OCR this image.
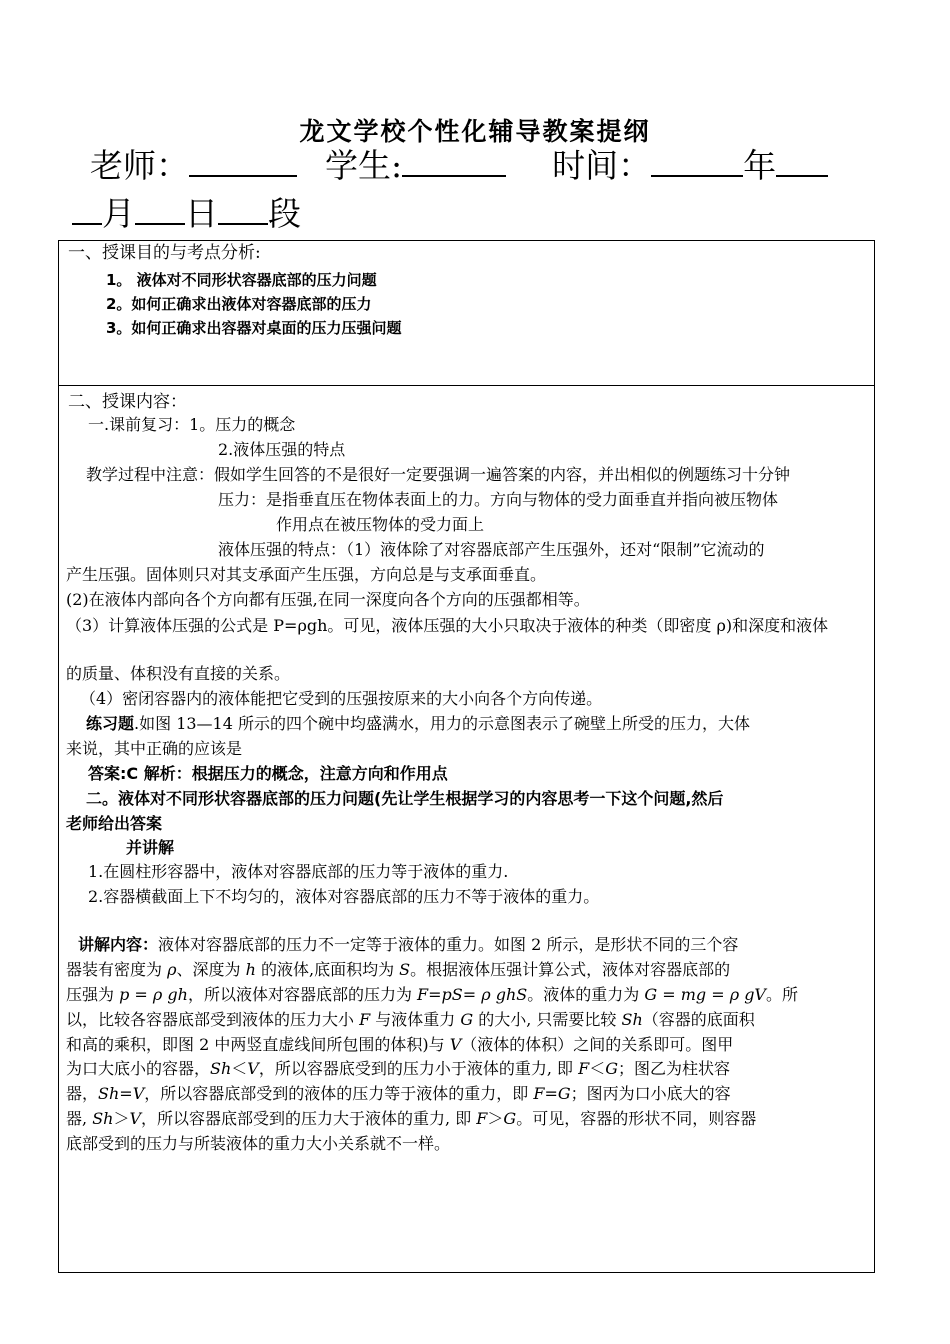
龙文学校个性化辅导教案提纲
老师：	学生:	时间：	年
月 日 段
一、授课目的与考点分析:
1。 液体对不同形状容器底部的压力问题
2。如何正确求出液体对容器底部的压力
3。如何正确求出容器对桌面的压力压强问题
二、授课内容：
一.课前复习：1。压力的概念
2.液体压强的特点
教学过程中注意：假如学生回答的不是很好一定要强调一遍答案的内容，并出相似的例题练习十分钟
压力：是指垂直压在物体表面上的力。方向与物体的受力面垂直并指向被压物体
作用点在被压物体的受力面上
液体压强的特点：（1）液体除了对容器底部产生压强外，还对“限制”它流动的
产生压强。固体则只对其支承面产生压强，方向总是与支承面垂直。
(2)在液体内部向各个方向都有压强,在同一深度向各个方向的压强都相等。
（3）计算液体压强的公式是 P=ρgh。可见，液体压强的大小只取决于液体的种类（即密度 ρ)和深度和液体
的质量、体积没有直接的关系。
（4）密闭容器内的液体能把它受到的压强按原来的大小向各个方向传递。
练习题.如图 13—14 所示的四个碗中均盛满水，用力的示意图表示了碗壁上所受的压力，大体
来说，其中正确的应该是
答案:C 解析：根据压力的概念，注意方向和作用点
二。液体对不同形状容器底部的压力问题(先让学生根据学习的内容思考一下这个问题,然后
老师给出答案
并讲解
1.在圆柱形容器中，液体对容器底部的压力等于液体的重力.
2.容器横截面上下不均匀的，液体对容器底部的压力不等于液体的重力。
讲解内容：液体对容器底部的压力不一定等于液体的重力。如图 2 所示，是形状不同的三个容
器装有密度为 ρ、深度为 h 的液体,底面积均为 S。根据液体压强计算公式，液体对容器底部的
压强为 p = ρ gh，所以液体对容器底部的压力为 F=pS= ρ ghS。液体的重力为 G = mg = ρ gV。所
以，比较各容器底部受到液体的压力大小 F 与液体重力 G 的大小, 只需要比较 Sh（容器的底面积
和高的乘积，即图 2 中两竖直虚线间所包围的体积)与 V（液体的体积）之间的关系即可。图甲
为口大底小的容器，Sh＜V，所以容器底受到的压力小于液体的重力, 即 F＜G；图乙为柱状容
器，Sh=V，所以容器底部受到的液体的压力等于液体的重力，即 F=G；图丙为口小底大的容
器, Sh＞V，所以容器底部受到的压力大于液体的重力, 即 F＞G。可见，容器的形状不同，则容器
底部受到的压力与所装液体的重力大小关系就不一样。
